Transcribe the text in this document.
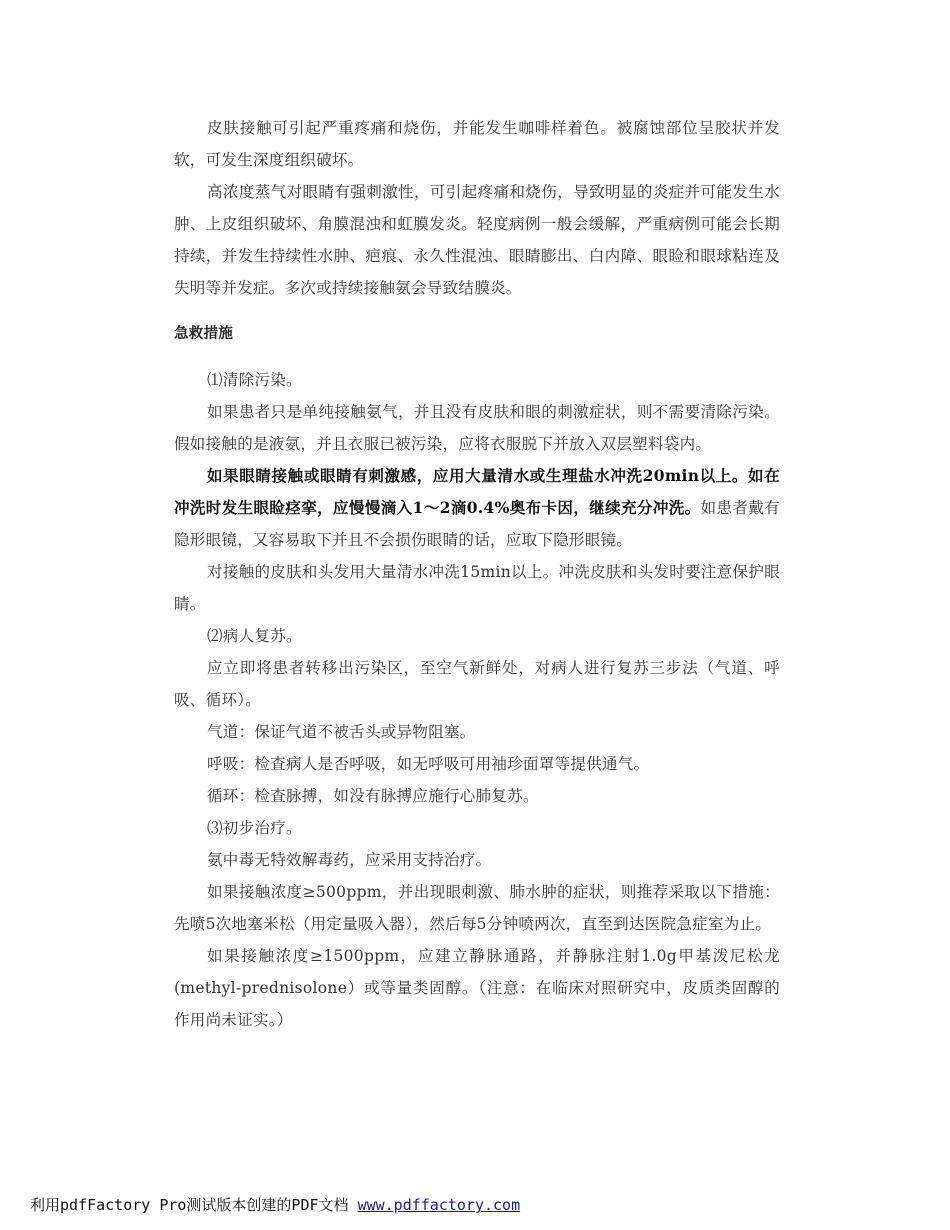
皮肤接触可引起严重疼痛和烧伤，并能发生咖啡样着色。被腐蚀部位呈胶状并发软，可发生深度组织破坏。

高浓度蒸气对眼睛有强刺激性，可引起疼痛和烧伤，导致明显的炎症并可能发生水肿、上皮组织破坏、角膜混浊和虹膜发炎。轻度病例一般会缓解，严重病例可能会长期持续，并发生持续性水肿、疤痕、永久性混浊、眼睛膨出、白内障、眼睑和眼球粘连及失明等并发症。多次或持续接触氨会导致结膜炎。

急救措施

⑴清除污染。

如果患者只是单纯接触氨气，并且没有皮肤和眼的刺激症状，则不需要清除污染。假如接触的是液氨，并且衣服已被污染，应将衣服脱下并放入双层塑料袋内。

如果眼睛接触或眼睛有刺激感，应用大量清水或生理盐水冲洗20min以上。如在冲洗时发生眼睑痉挛，应慢慢滴入1～2滴0.4%奥布卡因，继续充分冲洗。如患者戴有隐形眼镜，又容易取下并且不会损伤眼睛的话，应取下隐形眼镜。

对接触的皮肤和头发用大量清水冲洗15min以上。冲洗皮肤和头发时要注意保护眼睛。

⑵病人复苏。

应立即将患者转移出污染区，至空气新鲜处，对病人进行复苏三步法（气道、呼吸、循环）。

气道：保证气道不被舌头或异物阻塞。

呼吸：检查病人是否呼吸，如无呼吸可用袖珍面罩等提供通气。

循环：检查脉搏，如没有脉搏应施行心肺复苏。

⑶初步治疗。

氨中毒无特效解毒药，应采用支持治疗。

如果接触浓度≥500ppm，并出现眼刺激、肺水肿的症状，则推荐采取以下措施：先喷5次地塞米松（用定量吸入器），然后每5分钟喷两次，直至到达医院急症室为止。

如果接触浓度≥1500ppm，应建立静脉通路，并静脉注射1.0g甲基泼尼松龙(methyl-prednisolone）或等量类固醇。（注意：在临床对照研究中，皮质类固醇的作用尚未证实。）

利用pdfFactory Pro测试版本创建的PDF文档 www.pdffactory.com
